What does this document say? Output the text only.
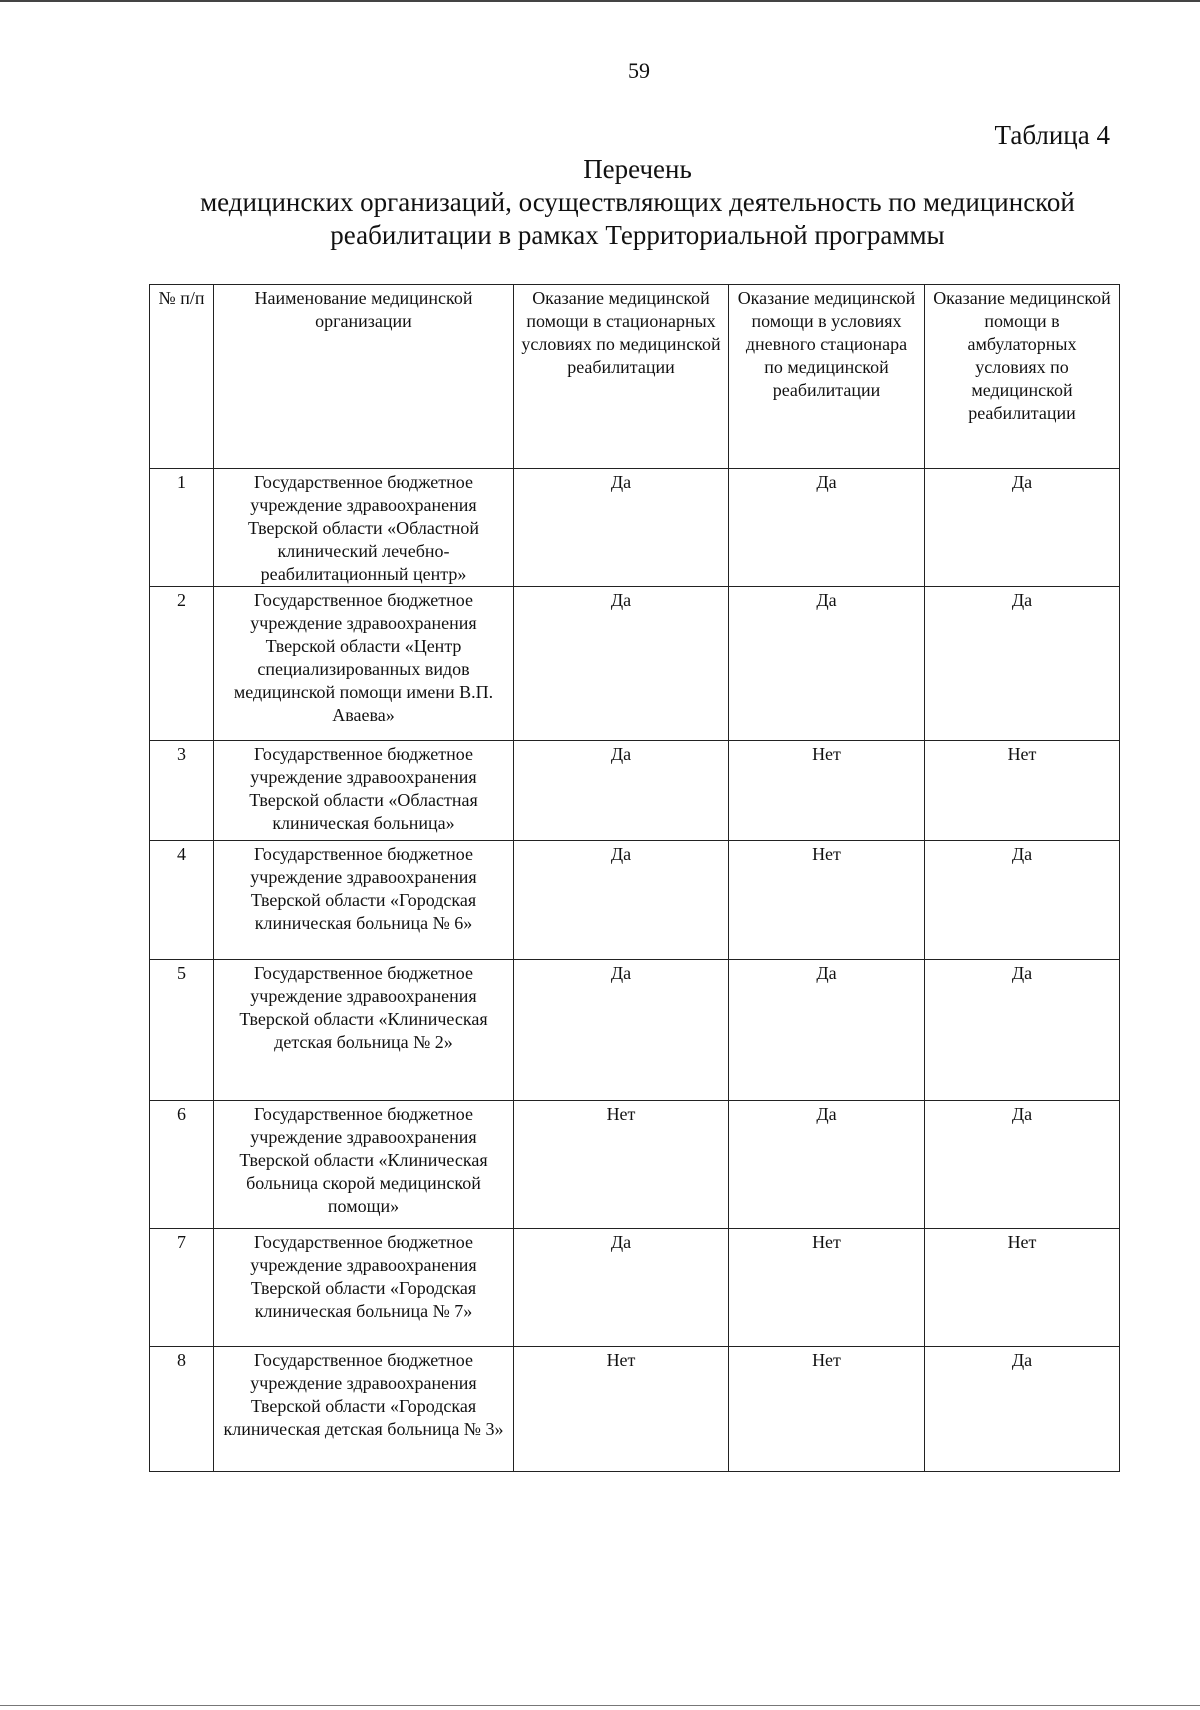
59
Таблица 4
Перечень
медицинских организаций, осуществляющих деятельность по медицинской
реабилитации в рамках Территориальной программы
№ п/п	Наименование медицинской организации	Оказание медицинской помощи в стационарных условиях по медицинской реабилитации	Оказание медицинской помощи в условиях дневного стационара по медицинской реабилитации	Оказание медицинской помощи в амбулаторных условиях по медицинской реабилитации
1	Государственное бюджетное учреждение здравоохранения Тверской области «Областной клинический лечебно-реабилитационный центр»	Да	Да	Да
2	Государственное бюджетное учреждение здравоохранения Тверской области «Центр специализированных видов медицинской помощи имени В.П. Аваева»	Да	Да	Да
3	Государственное бюджетное учреждение здравоохранения Тверской области «Областная клиническая больница»	Да	Нет	Нет
4	Государственное бюджетное учреждение здравоохранения Тверской области «Городская клиническая больница № 6»	Да	Нет	Да
5	Государственное бюджетное учреждение здравоохранения Тверской области «Клиническая детская больница № 2»	Да	Да	Да
6	Государственное бюджетное учреждение здравоохранения Тверской области «Клиническая больница скорой медицинской помощи»	Нет	Да	Да
7	Государственное бюджетное учреждение здравоохранения Тверской области «Городская клиническая больница № 7»	Да	Нет	Нет
8	Государственное бюджетное учреждение здравоохранения Тверской области «Городская клиническая детская больница № 3»	Нет	Нет	Да
